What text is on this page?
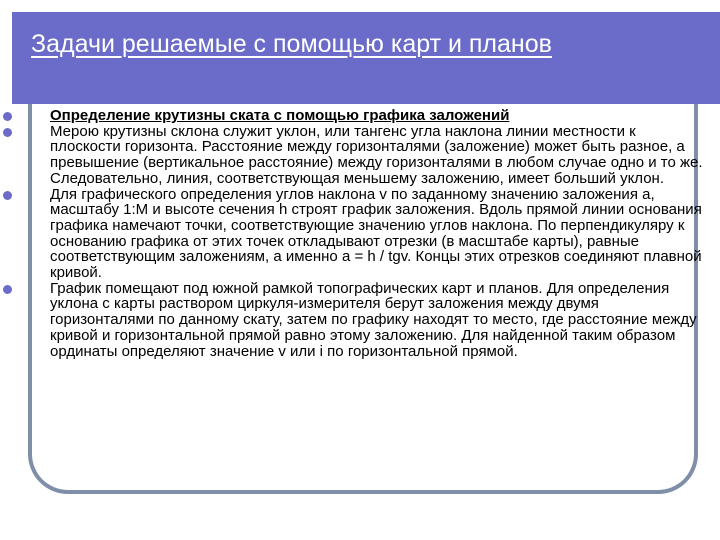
Задачи решаемые с помощью карт и планов
Определение крутизны ската с помощью графика заложений
Мерою крутизны склона служит уклон, или тангенс угла наклона линии местности к плоскости горизонта. Расстояние между горизонталями (заложение) может быть разное, а превышение (вертикальное расстояние) между горизонталями в любом случае одно и то же. Следовательно, линия, соответствующая меньшему заложению, имеет больший уклон.
Для графического определения углов наклона v по заданному значению заложения а, масштабу 1:М и высоте сечения h строят график заложения. Вдоль прямой линии основания графика намечают точки, соответствующие значению углов наклона. По перпендикуляру к основанию графика от этих точек откладывают отрезки (в масштабе карты), равные соответствующим заложениям, а именно а = h / tgv. Концы этих отрезков соединяют плавной кривой.
График помещают под южной рамкой топографических карт и планов. Для определения уклона с карты раствором циркуля-измерителя берут заложения между двумя горизонталями по данному скату, затем по графику находят то место, где расстояние между кривой и горизонтальной прямой равно этому заложению. Для найденной таким образом ординаты определяют значение v или i по горизонтальной прямой.
